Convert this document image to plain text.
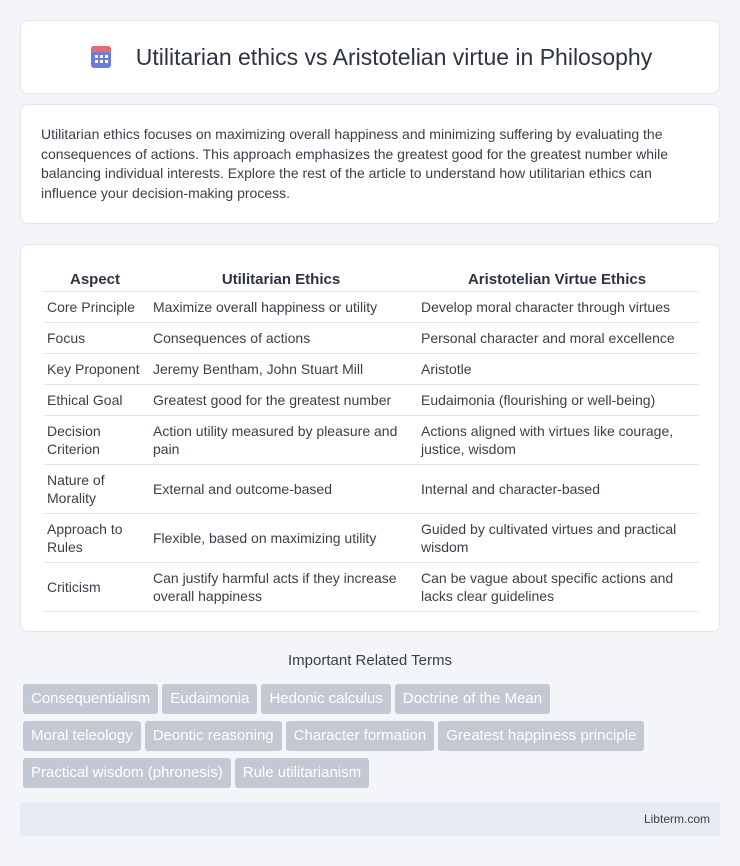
Utilitarian ethics vs Aristotelian virtue in Philosophy

Utilitarian ethics focuses on maximizing overall happiness and minimizing suffering by evaluating the consequences of actions. This approach emphasizes the greatest good for the greatest number while balancing individual interests. Explore the rest of the article to understand how utilitarian ethics can influence your decision-making process.

Aspect	Utilitarian Ethics	Aristotelian Virtue Ethics
Core Principle	Maximize overall happiness or utility	Develop moral character through virtues
Focus	Consequences of actions	Personal character and moral excellence
Key Proponent	Jeremy Bentham, John Stuart Mill	Aristotle
Ethical Goal	Greatest good for the greatest number	Eudaimonia (flourishing or well-being)
Decision Criterion	Action utility measured by pleasure and pain	Actions aligned with virtues like courage, justice, wisdom
Nature of Morality	External and outcome-based	Internal and character-based
Approach to Rules	Flexible, based on maximizing utility	Guided by cultivated virtues and practical wisdom
Criticism	Can justify harmful acts if they increase overall happiness	Can be vague about specific actions and lacks clear guidelines
Important Related Terms
Consequentialism Eudaimonia Hedonic calculus Doctrine of the Mean
Moral teleology Deontic reasoning Character formation Greatest happiness principle
Practical wisdom (phronesis) Rule utilitarianism
Libterm.com
